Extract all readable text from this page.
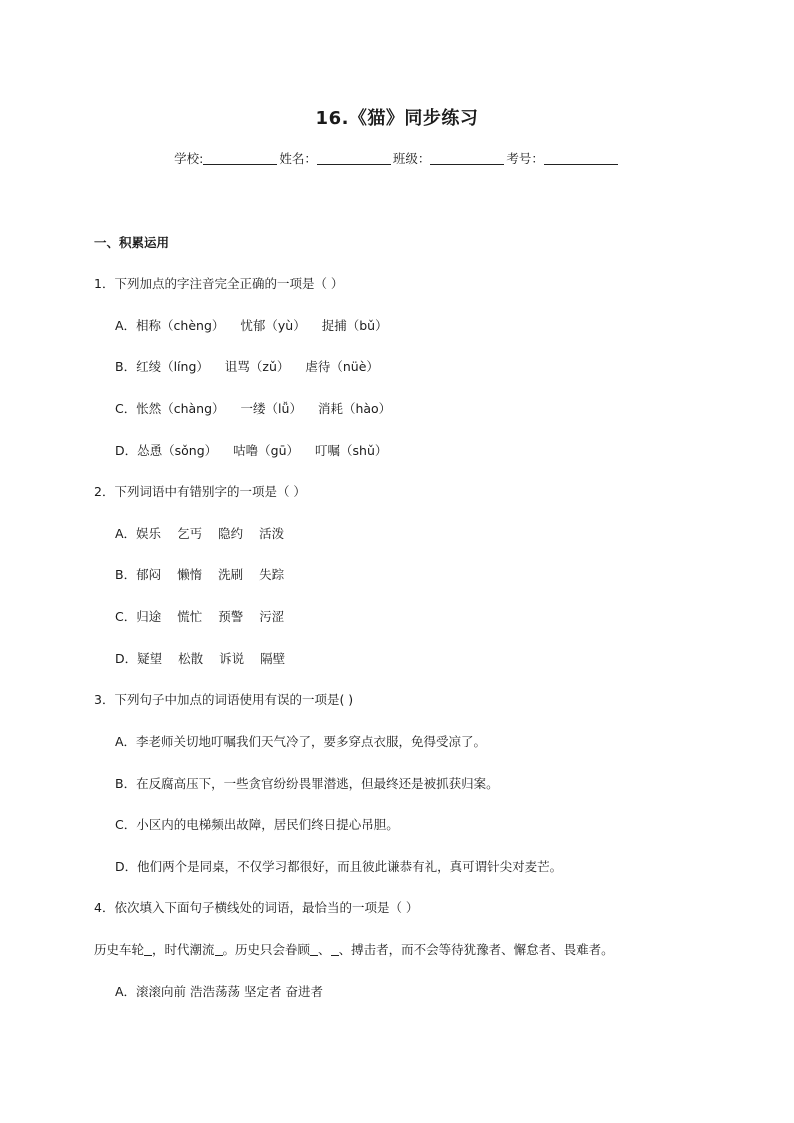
16.《猫》同步练习
学校:	姓名：	班级：	考号：
一、积累运用
1．下列加点的字注音完全正确的一项是（ ）
A．相称（chèng） 忧郁（yù） 捉捕（bǔ）
B．红绫（líng） 诅骂（zǔ） 虐待（nüè）
C．怅然（chàng） 一缕（lǚ） 消耗（hào）
D．怂恿（sǒng） 咕噜（gū） 叮嘱（shǔ）
2．下列词语中有错别字的一项是（ ）
A．娱乐 乞丐 隐约 活泼
B．郁闷 懒惰 洗刷 失踪
C．归途 慌忙 预警 污涩
D．疑望 松散 诉说 隔壁
3．下列句子中加点的词语使用有误的一项是( )
A．李老师关切地叮嘱我们天气冷了，要多穿点衣服，免得受凉了。
B．在反腐高压下，一些贪官纷纷畏罪潜逃，但最终还是被抓获归案。
C．小区内的电梯频出故障，居民们终日提心吊胆。
D．他们两个是同桌，不仅学习都很好，而且彼此谦恭有礼，真可谓针尖对麦芒。
4．依次填入下面句子横线处的词语，最恰当的一项是（ ）
历史车轮 ，时代潮流 。历史只会眷顾 、 、搏击者，而不会等待犹豫者、懈怠者、畏难者。
A．滚滚向前 浩浩荡荡 坚定者 奋进者
